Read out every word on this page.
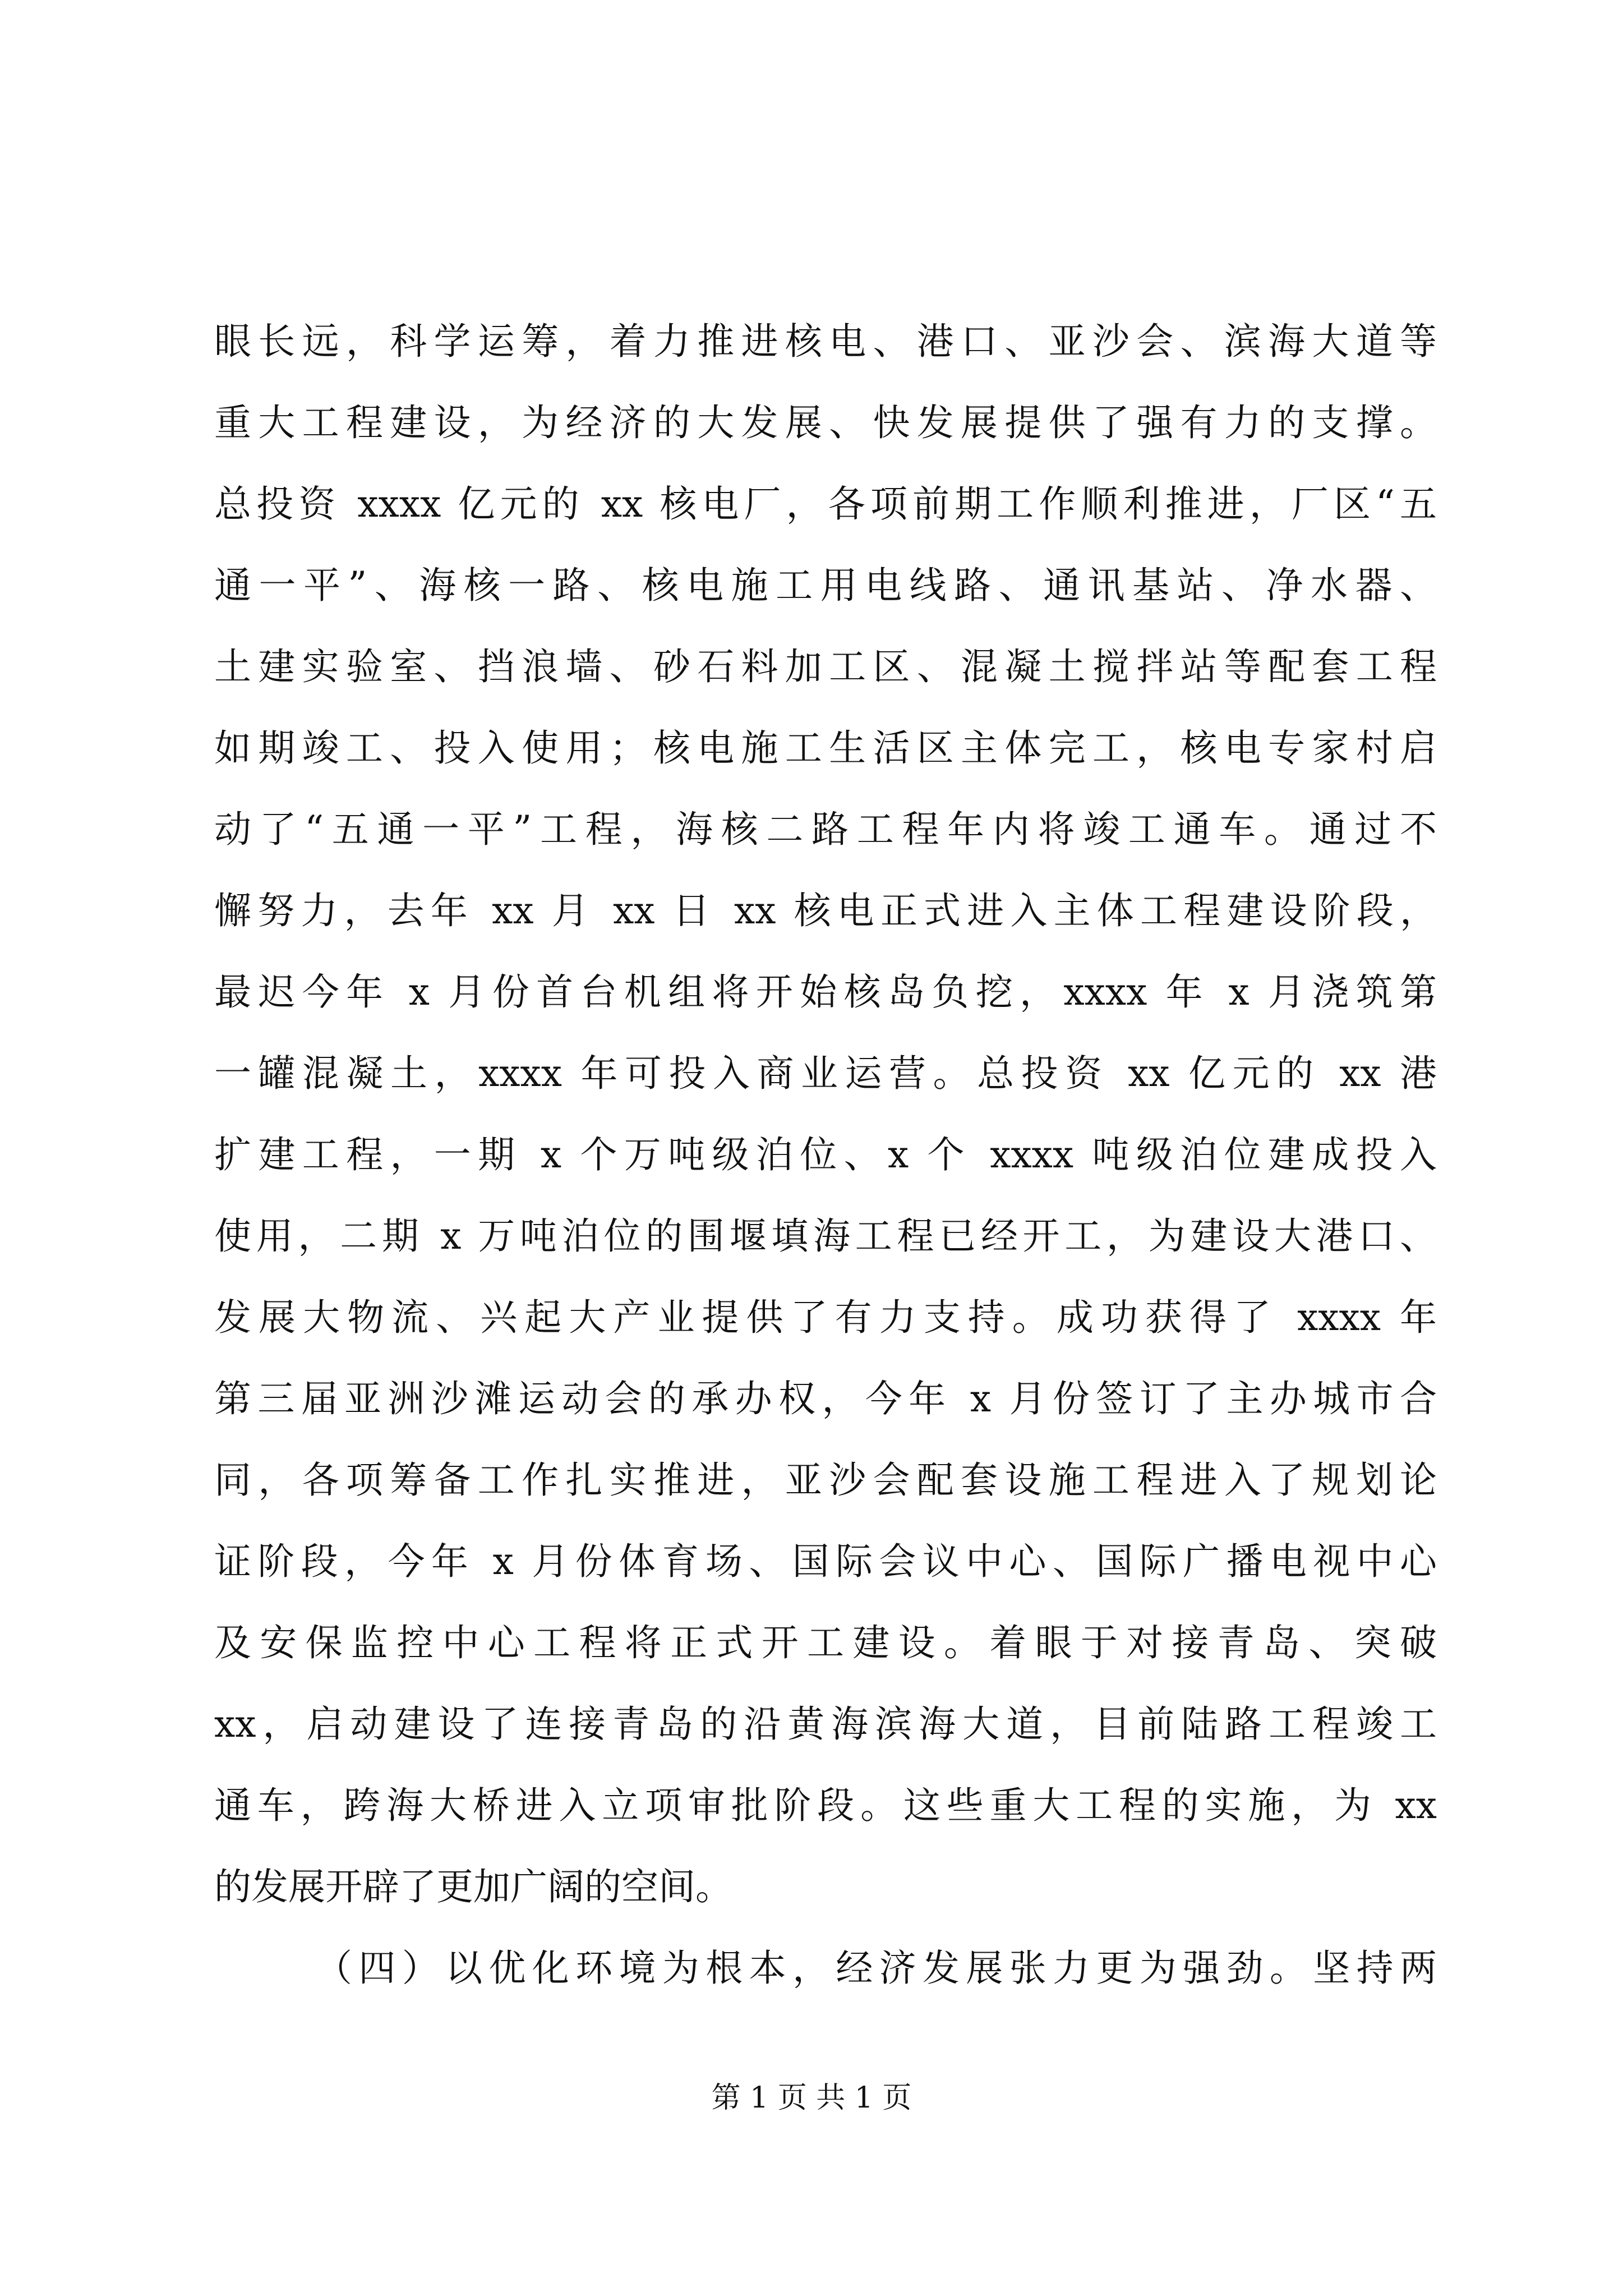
眼长远，科学运筹，着力推进核电、港口、亚沙会、滨海大道等
重大工程建设，为经济的大发展、快发展提供了强有力的支撑。
总投资 xxxx 亿元的 xx 核电厂，各项前期工作顺利推进，厂区“五
通一平”、海核一路、核电施工用电线路、通讯基站、净水器、
土建实验室、挡浪墙、砂石料加工区、混凝土搅拌站等配套工程
如期竣工、投入使用；核电施工生活区主体完工，核电专家村启
动了“五通一平”工程，海核二路工程年内将竣工通车。通过不
懈努力，去年 xx 月 xx 日 xx 核电正式进入主体工程建设阶段，
最迟今年 x 月份首台机组将开始核岛负挖，xxxx 年 x 月浇筑第
一罐混凝土，xxxx 年可投入商业运营。总投资 xx 亿元的 xx 港
扩建工程，一期 x 个万吨级泊位、x 个 xxxx 吨级泊位建成投入
使用，二期 x 万吨泊位的围堰填海工程已经开工，为建设大港口、
发展大物流、兴起大产业提供了有力支持。成功获得了 xxxx 年
第三届亚洲沙滩运动会的承办权，今年 x 月份签订了主办城市合
同，各项筹备工作扎实推进，亚沙会配套设施工程进入了规划论
证阶段，今年 x 月份体育场、国际会议中心、国际广播电视中心
及安保监控中心工程将正式开工建设。着眼于对接青岛、突破
xx，启动建设了连接青岛的沿黄海滨海大道，目前陆路工程竣工
通车，跨海大桥进入立项审批阶段。这些重大工程的实施，为 xx
的发展开辟了更加广阔的空间。
（四）以优化环境为根本，经济发展张力更为强劲。坚持两
第 1 页 共 1 页
